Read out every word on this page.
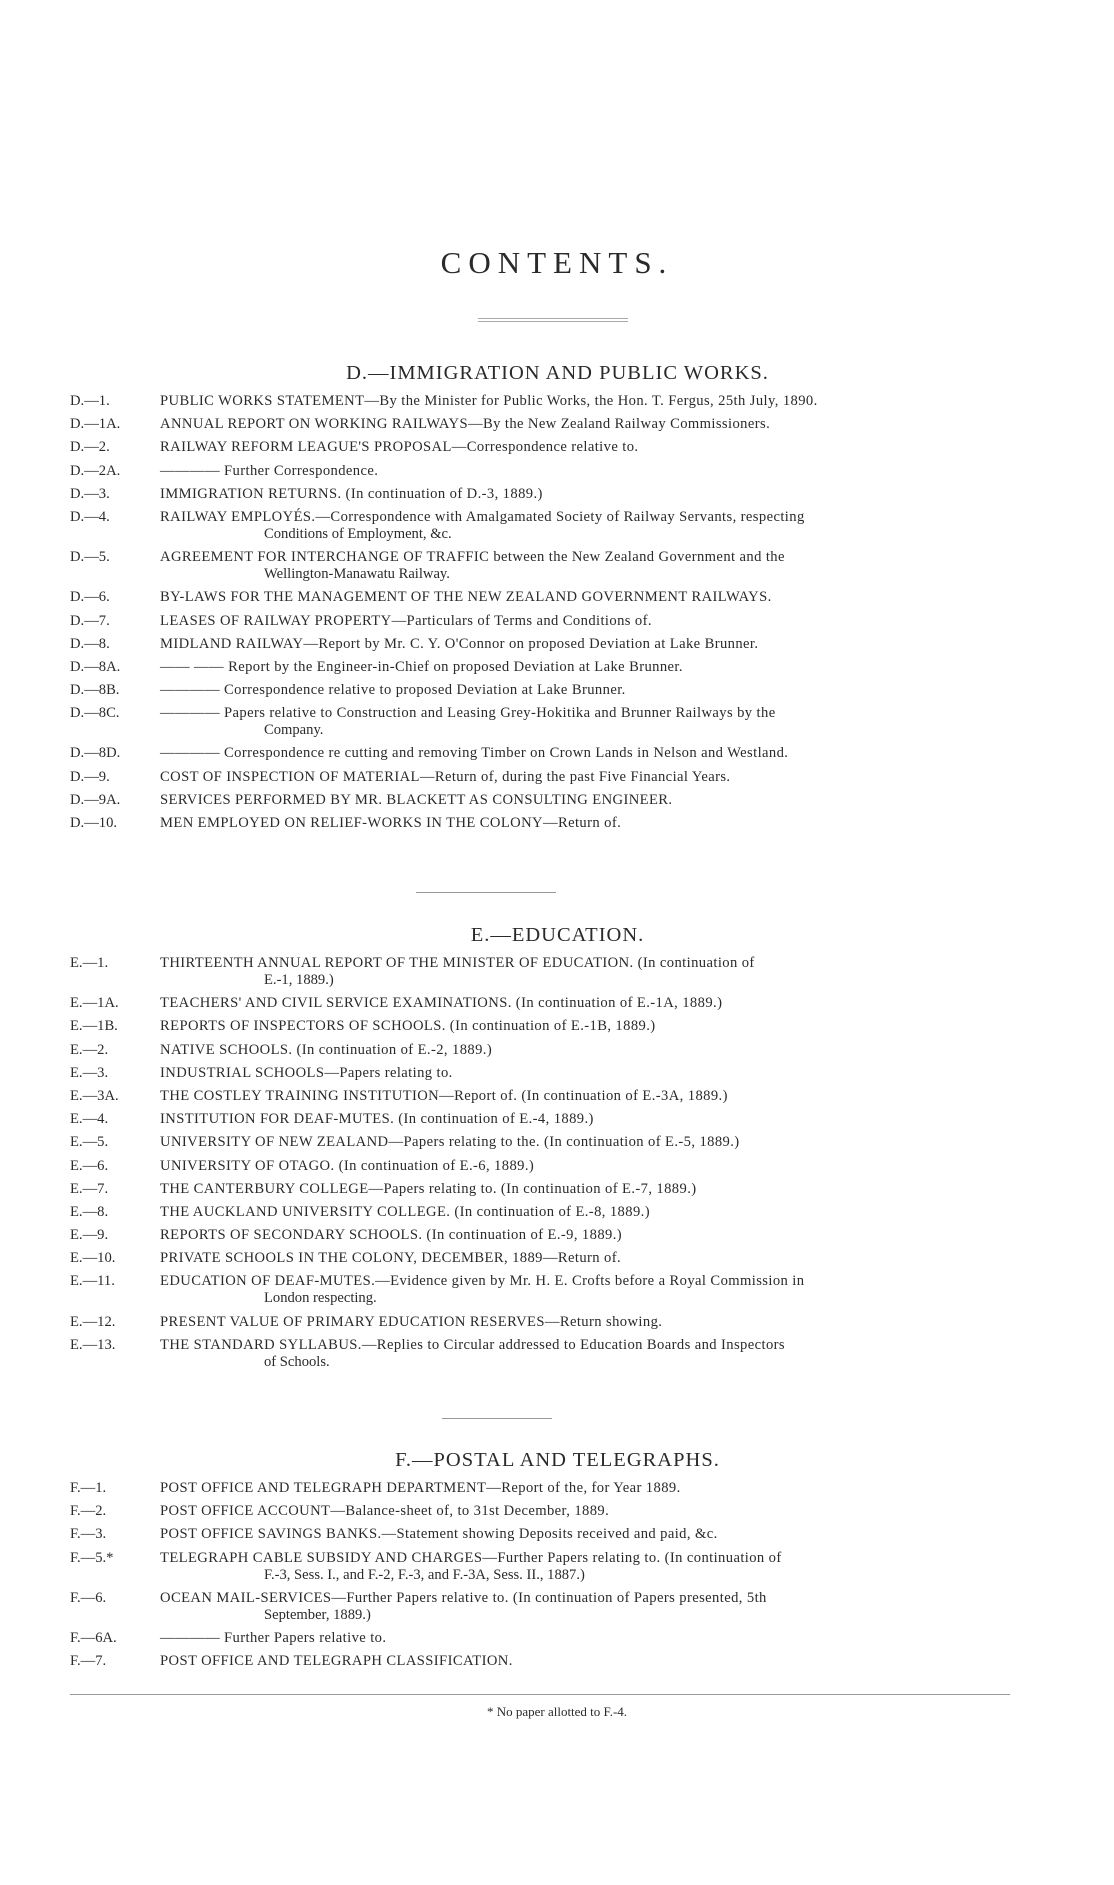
CONTENTS.
D.—IMMIGRATION AND PUBLIC WORKS.
D.—1.	PUBLIC WORKS STATEMENT—By the Minister for Public Works, the Hon. T. Fergus, 25th July, 1890.
D.—1A.	ANNUAL REPORT ON WORKING RAILWAYS—By the New Zealand Railway Commissioners.
D.—2.	RAILWAY REFORM LEAGUE'S PROPOSAL—Correspondence relative to.
D.—2A.	———— Further Correspondence.
D.—3.	IMMIGRATION RETURNS. (In continuation of D.-3, 1889.)
D.—4.	RAILWAY EMPLOYÉS.—Correspondence with Amalgamated Society of Railway Servants, respecting
Conditions of Employment, &c.
D.—5.	AGREEMENT FOR INTERCHANGE OF TRAFFIC between the New Zealand Government and the
Wellington-Manawatu Railway.
D.—6.	BY-LAWS FOR THE MANAGEMENT OF THE NEW ZEALAND GOVERNMENT RAILWAYS.
D.—7.	LEASES OF RAILWAY PROPERTY—Particulars of Terms and Conditions of.
D.—8.	MIDLAND RAILWAY—Report by Mr. C. Y. O'Connor on proposed Deviation at Lake Brunner.
D.—8A.	—— —— Report by the Engineer-in-Chief on proposed Deviation at Lake Brunner.
D.—8B.	———— Correspondence relative to proposed Deviation at Lake Brunner.
D.—8C.	———— Papers relative to Construction and Leasing Grey-Hokitika and Brunner Railways by the
Company.
D.—8D.	———— Correspondence re cutting and removing Timber on Crown Lands in Nelson and Westland.
D.—9.	COST OF INSPECTION OF MATERIAL—Return of, during the past Five Financial Years.
D.—9A.	SERVICES PERFORMED BY MR. BLACKETT AS CONSULTING ENGINEER.
D.—10.	MEN EMPLOYED ON RELIEF-WORKS IN THE COLONY—Return of.
E.—EDUCATION.
E.—1.	THIRTEENTH ANNUAL REPORT OF THE MINISTER OF EDUCATION. (In continuation of
E.-1, 1889.)
E.—1A.	TEACHERS' AND CIVIL SERVICE EXAMINATIONS. (In continuation of E.-1A, 1889.)
E.—1B.	REPORTS OF INSPECTORS OF SCHOOLS. (In continuation of E.-1B, 1889.)
E.—2.	NATIVE SCHOOLS. (In continuation of E.-2, 1889.)
E.—3.	INDUSTRIAL SCHOOLS—Papers relating to.
E.—3A.	THE COSTLEY TRAINING INSTITUTION—Report of. (In continuation of E.-3A, 1889.)
E.—4.	INSTITUTION FOR DEAF-MUTES. (In continuation of E.-4, 1889.)
E.—5.	UNIVERSITY OF NEW ZEALAND—Papers relating to the. (In continuation of E.-5, 1889.)
E.—6.	UNIVERSITY OF OTAGO. (In continuation of E.-6, 1889.)
E.—7.	THE CANTERBURY COLLEGE—Papers relating to. (In continuation of E.-7, 1889.)
E.—8.	THE AUCKLAND UNIVERSITY COLLEGE. (In continuation of E.-8, 1889.)
E.—9.	REPORTS OF SECONDARY SCHOOLS. (In continuation of E.-9, 1889.)
E.—10.	PRIVATE SCHOOLS IN THE COLONY, DECEMBER, 1889—Return of.
E.—11.	EDUCATION OF DEAF-MUTES.—Evidence given by Mr. H. E. Crofts before a Royal Commission in
London respecting.
E.—12.	PRESENT VALUE OF PRIMARY EDUCATION RESERVES—Return showing.
E.—13.	THE STANDARD SYLLABUS.—Replies to Circular addressed to Education Boards and Inspectors
of Schools.
F.—POSTAL AND TELEGRAPHS.
F.—1.	POST OFFICE AND TELEGRAPH DEPARTMENT—Report of the, for Year 1889.
F.—2.	POST OFFICE ACCOUNT—Balance-sheet of, to 31st December, 1889.
F.—3.	POST OFFICE SAVINGS BANKS.—Statement showing Deposits received and paid, &c.
F.—5.*	TELEGRAPH CABLE SUBSIDY AND CHARGES—Further Papers relating to. (In continuation of
F.-3, Sess. I., and F.-2, F.-3, and F.-3A, Sess. II., 1887.)
F.—6.	OCEAN MAIL-SERVICES—Further Papers relative to. (In continuation of Papers presented, 5th
September, 1889.)
F.—6A.	———— Further Papers relative to.
F.—7.	POST OFFICE AND TELEGRAPH CLASSIFICATION.
* No paper allotted to F.-4.
